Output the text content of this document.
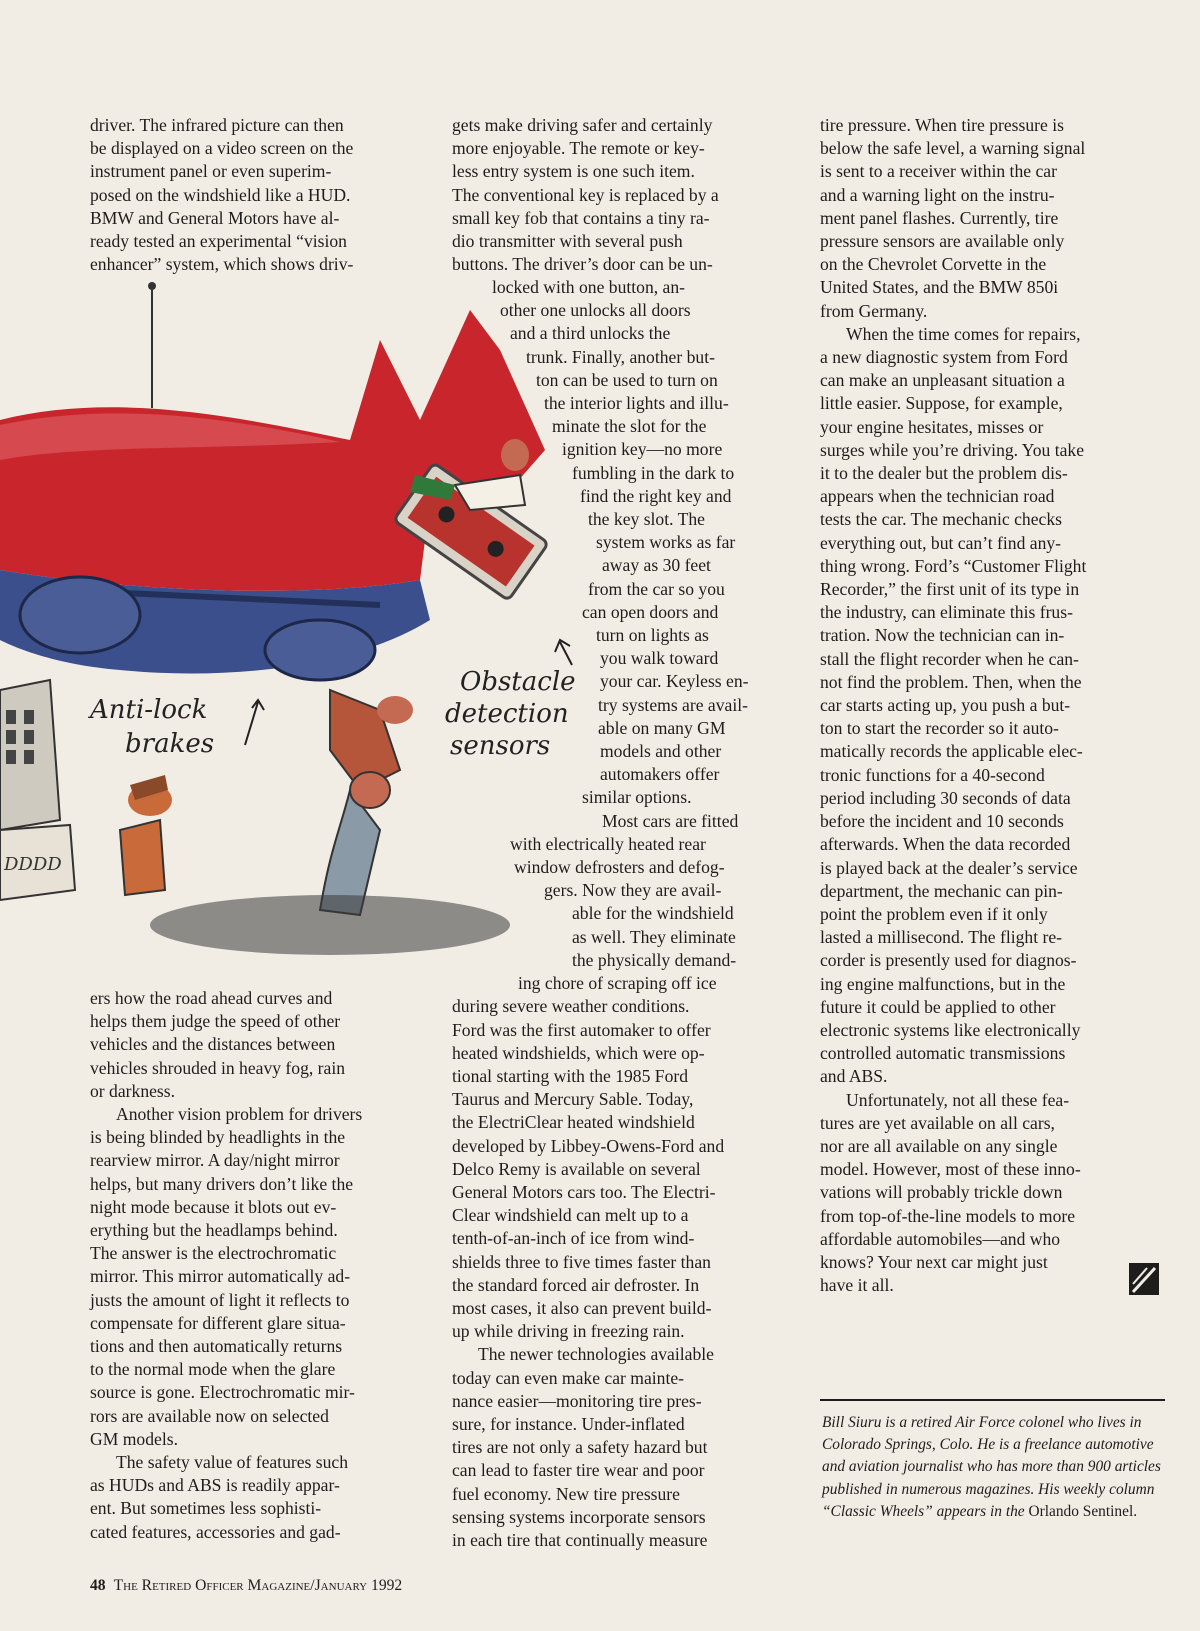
driver. The infrared picture can then
be displayed on a video screen on the
instrument panel or even superim-
posed on the windshield like a HUD.
BMW and General Motors have al-
ready tested an experimental “vision
enhancer” system, which shows driv-
DDDD
Anti-lock
brakes
Obstacle
detection
sensors
ers how the road ahead curves and
helps them judge the speed of other
vehicles and the distances between
vehicles shrouded in heavy fog, rain
or darkness.
Another vision problem for drivers
is being blinded by headlights in the
rearview mirror. A day/night mirror
helps, but many drivers don’t like the
night mode because it blots out ev-
erything but the headlamps behind.
The answer is the electrochromatic
mirror. This mirror automatically ad-
justs the amount of light it reflects to
compensate for different glare situa-
tions and then automatically returns
to the normal mode when the glare
source is gone. Electrochromatic mir-
rors are available now on selected
GM models.
The safety value of features such
as HUDs and ABS is readily appar-
ent. But sometimes less sophisti-
cated features, accessories and gad-
gets make driving safer and certainly
more enjoyable. The remote or key-
less entry system is one such item.
The conventional key is replaced by a
small key fob that contains a tiny ra-
dio transmitter with several push
buttons. The driver’s door can be un-
locked with one button, an-
other one unlocks all doors
and a third unlocks the
trunk. Finally, another but-
ton can be used to turn on
the interior lights and illu-
minate the slot for the
ignition key—no more
fumbling in the dark to
find the right key and
the key slot. The
system works as far
away as 30 feet
from the car so you
can open doors and
turn on lights as
you walk toward
your car. Keyless en-
try systems are avail-
able on many GM
models and other
automakers offer
similar options.
Most cars are fitted
with electrically heated rear
window defrosters and defog-
gers. Now they are avail-
able for the windshield
as well. They eliminate
the physically demand-
ing chore of scraping off ice
during severe weather conditions.
Ford was the first automaker to offer
heated windshields, which were op-
tional starting with the 1985 Ford
Taurus and Mercury Sable. Today,
the ElectriClear heated windshield
developed by Libbey-Owens-Ford and
Delco Remy is available on several
General Motors cars too. The Electri-
Clear windshield can melt up to a
tenth-of-an-inch of ice from wind-
shields three to five times faster than
the standard forced air defroster. In
most cases, it also can prevent build-
up while driving in freezing rain.
The newer technologies available
today can even make car mainte-
nance easier—monitoring tire pres-
sure, for instance. Under-inflated
tires are not only a safety hazard but
can lead to faster tire wear and poor
fuel economy. New tire pressure
sensing systems incorporate sensors
in each tire that continually measure
tire pressure. When tire pressure is
below the safe level, a warning signal
is sent to a receiver within the car
and a warning light on the instru-
ment panel flashes. Currently, tire
pressure sensors are available only
on the Chevrolet Corvette in the
United States, and the BMW 850i
from Germany.
When the time comes for repairs,
a new diagnostic system from Ford
can make an unpleasant situation a
little easier. Suppose, for example,
your engine hesitates, misses or
surges while you’re driving. You take
it to the dealer but the problem dis-
appears when the technician road
tests the car. The mechanic checks
everything out, but can’t find any-
thing wrong. Ford’s “Customer Flight
Recorder,” the first unit of its type in
the industry, can eliminate this frus-
tration. Now the technician can in-
stall the flight recorder when he can-
not find the problem. Then, when the
car starts acting up, you push a but-
ton to start the recorder so it auto-
matically records the applicable elec-
tronic functions for a 40-second
period including 30 seconds of data
before the incident and 10 seconds
afterwards. When the data recorded
is played back at the dealer’s service
department, the mechanic can pin-
point the problem even if it only
lasted a millisecond. The flight re-
corder is presently used for diagnos-
ing engine malfunctions, but in the
future it could be applied to other
electronic systems like electronically
controlled automatic transmissions
and ABS.
Unfortunately, not all these fea-
tures are yet available on all cars,
nor are all available on any single
model. However, most of these inno-
vations will probably trickle down
from top-of-the-line models to more
affordable automobiles—and who
knows? Your next car might just
have it all.
Bill Siuru is a retired Air Force colonel who lives in Colorado Springs, Colo. He is a freelance automotive and aviation journalist who has more than 900 articles published in numerous magazines. His weekly column “Classic Wheels” appears in the Orlando Sentinel.
48 The Retired Officer Magazine/January 1992
